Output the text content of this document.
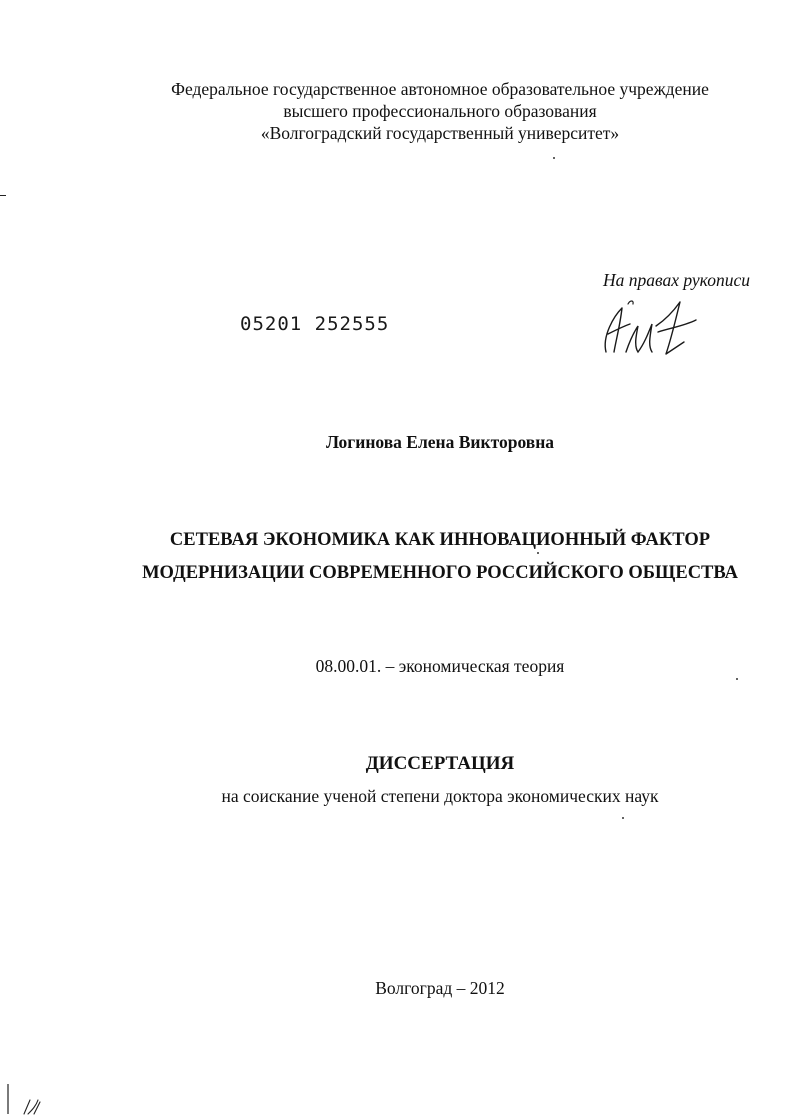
Федеральное государственное автономное образовательное учреждение
высшего профессионального образования
«Волгоградский государственный университет»
На правах рукописи
05201 252555
Логинова Елена Викторовна
СЕТЕВАЯ ЭКОНОМИКА КАК ИННОВАЦИОННЫЙ ФАКТОР
МОДЕРНИЗАЦИИ СОВРЕМЕННОГО РОССИЙСКОГО ОБЩЕСТВА
08.00.01. – экономическая теория
ДИССЕРТАЦИЯ
на соискание ученой степени доктора экономических наук
Волгоград – 2012
